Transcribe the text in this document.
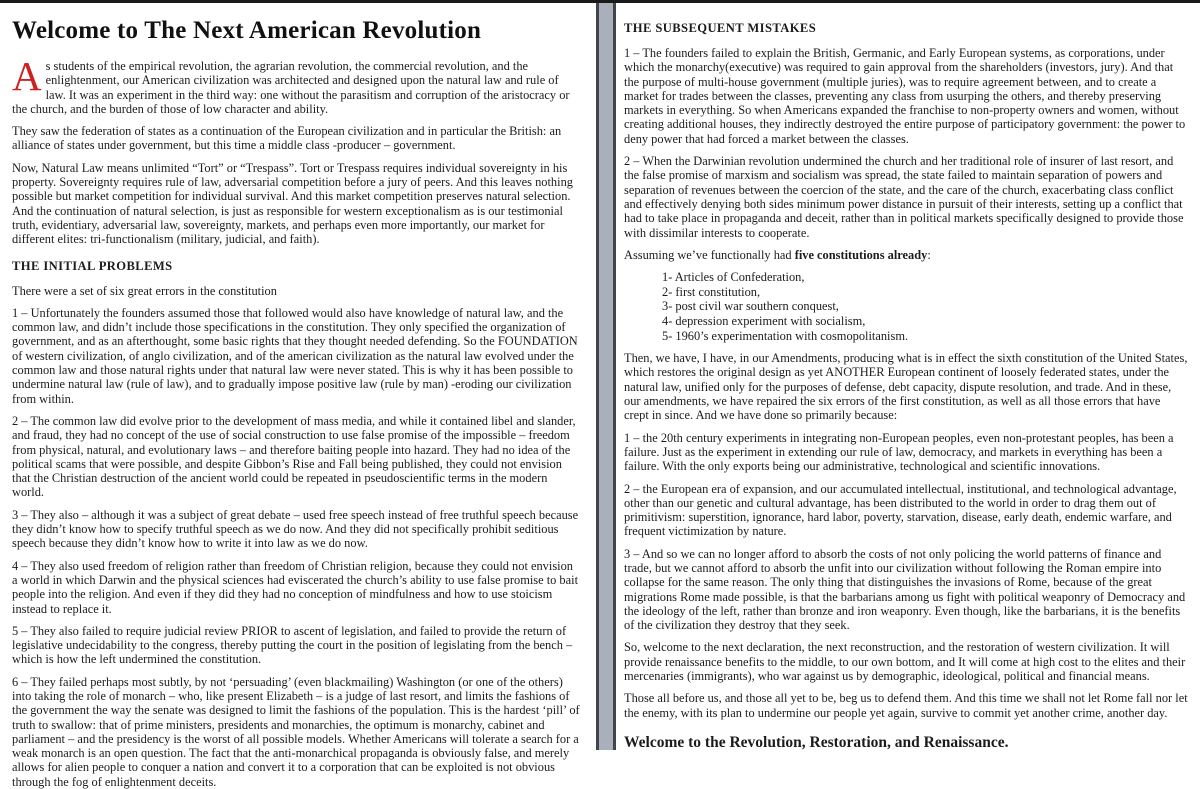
Welcome to The Next American Revolution

As students of the empirical revolution, the agrarian revolution, the commercial revolution, and the enlightenment, our American civilization was architected and designed upon the natural law and rule of law. It was an experiment in the third way: one without the parasitism and corruption of the aristocracy or the church, and the burden of those of low character and ability.

They saw the federation of states as a continuation of the European civilization and in particular the British: an alliance of states under government, but this time a middle class -producer – government.

Now, Natural Law means unlimited “Tort” or “Trespass”. Tort or Trespass requires individual sovereignty in his property. Sovereignty requires rule of law, adversarial competition before a jury of peers. And this leaves nothing possible but market competition for individual survival. And this market competition preserves natural selection. And the continuation of natural selection, is just as responsible for western exceptionalism as is our testimonial truth, evidentiary, adversarial law, sovereignty, markets, and perhaps even more importantly, our market for different elites: tri-functionalism (military, judicial, and faith).

THE INITIAL PROBLEMS

There were a set of six great errors in the constitution

1 – Unfortunately the founders assumed those that followed would also have knowledge of natural law, and the common law, and didn’t include those specifications in the constitution. They only specified the organization of government, and as an afterthought, some basic rights that they thought needed defending. So the FOUNDATION of western civilization, of anglo civilization, and of the american civilization as the natural law evolved under the common law and those natural rights under that natural law were never stated. This is why it has been possible to undermine natural law (rule of law), and to gradually impose positive law (rule by man) -eroding our civilization from within.

2 – The common law did evolve prior to the development of mass media, and while it contained libel and slander, and fraud, they had no concept of the use of social construction to use false promise of the impossible – freedom from physical, natural, and evolutionary laws – and therefore baiting people into hazard. They had no idea of the political scams that were possible, and despite Gibbon’s Rise and Fall being published, they could not envision that the Christian destruction of the ancient world could be repeated in pseudoscientific terms in the modern world.

3 – They also – although it was a subject of great debate – used free speech instead of free truthful speech because they didn’t know how to specify truthful speech as we do now. And they did not specifically prohibit seditious speech because they didn’t know how to write it into law as we do now.

4 – They also used freedom of religion rather than freedom of Christian religion, because they could not envision a world in which Darwin and the physical sciences had eviscerated the church’s ability to use false promise to bait people into the religion. And even if they did they had no conception of mindfulness and how to use stoicism instead to replace it.

5 – They also failed to require judicial review PRIOR to ascent of legislation, and failed to provide the return of legislative undecidability to the congress, thereby putting the court in the position of legislating from the bench – which is how the left undermined the constitution.

6 – They failed perhaps most subtly, by not ‘persuading’ (even blackmailing) Washington (or one of the others) into taking the role of monarch – who, like present Elizabeth – is a judge of last resort, and limits the fashions of the government the way the senate was designed to limit the fashions of the population. This is the hardest ‘pill’ of truth to swallow: that of prime ministers, presidents and monarchies, the optimum is monarchy, cabinet and parliament – and the presidency is the worst of all possible models. Whether Americans will tolerate a search for a weak monarch is an open question. The fact that the anti-monarchical propaganda is obviously false, and merely allows for alien people to conquer a nation and convert it to a corporation that can be exploited is not obvious through the fog of enlightenment deceits.

THE SUBSEQUENT MISTAKES

1 – The founders failed to explain the British, Germanic, and Early European systems, as corporations, under which the monarchy(executive) was required to gain approval from the shareholders (investors, jury). And that the purpose of multi-house government (multiple juries), was to require agreement between, and to create a market for trades between the classes, preventing any class from usurping the others, and thereby preserving markets in everything. So when Americans expanded the franchise to non-property owners and women, without creating additional houses, they indirectly destroyed the entire purpose of participatory government: the power to deny power that had forced a market between the classes.

2 – When the Darwinian revolution undermined the church and her traditional role of insurer of last resort, and the false promise of marxism and socialism was spread, the state failed to maintain separation of powers and separation of revenues between the coercion of the state, and the care of the church, exacerbating class conflict and effectively denying both sides minimum power distance in pursuit of their interests, setting up a conflict that had to take place in propaganda and deceit, rather than in political markets specifically designed to provide those with dissimilar interests to cooperate.

Assuming we’ve functionally had five constitutions already:

1- Articles of Confederation,
2- first constitution,
3- post civil war southern conquest,
4- depression experiment with socialism,
5- 1960’s experimentation with cosmopolitanism.

Then, we have, I have, in our Amendments, producing what is in effect the sixth constitution of the United States, which restores the original design as yet ANOTHER European continent of loosely federated states, under the natural law, unified only for the purposes of defense, debt capacity, dispute resolution, and trade. And in these, our amendments, we have repaired the six errors of the first constitution, as well as all those errors that have crept in since. And we have done so primarily because:

1 – the 20th century experiments in integrating non-European peoples, even non-protestant peoples, has been a failure. Just as the experiment in extending our rule of law, democracy, and markets in everything has been a failure. With the only exports being our administrative, technological and scientific innovations.

2 – the European era of expansion, and our accumulated intellectual, institutional, and technological advantage, other than our genetic and cultural advantage, has been distributed to the world in order to drag them out of primitivism: superstition, ignorance, hard labor, poverty, starvation, disease, early death, endemic warfare, and frequent victimization by nature.

3 – And so we can no longer afford to absorb the costs of not only policing the world patterns of finance and trade, but we cannot afford to absorb the unfit into our civilization without following the Roman empire into collapse for the same reason. The only thing that distinguishes the invasions of Rome, because of the great migrations Rome made possible, is that the barbarians among us fight with political weaponry of Democracy and the ideology of the left, rather than bronze and iron weaponry. Even though, like the barbarians, it is the benefits of the civilization they destroy that they seek.

So, welcome to the next declaration, the next reconstruction, and the restoration of western civilization. It will provide renaissance benefits to the middle, to our own bottom, and It will come at high cost to the elites and their mercenaries (immigrants), who war against us by demographic, ideological, political and financial means.

Those all before us, and those all yet to be, beg us to defend them. And this time we shall not let Rome fall nor let the enemy, with its plan to undermine our people yet again, survive to commit yet another crime, another day.

Welcome to the Revolution, Restoration, and Renaissance.
